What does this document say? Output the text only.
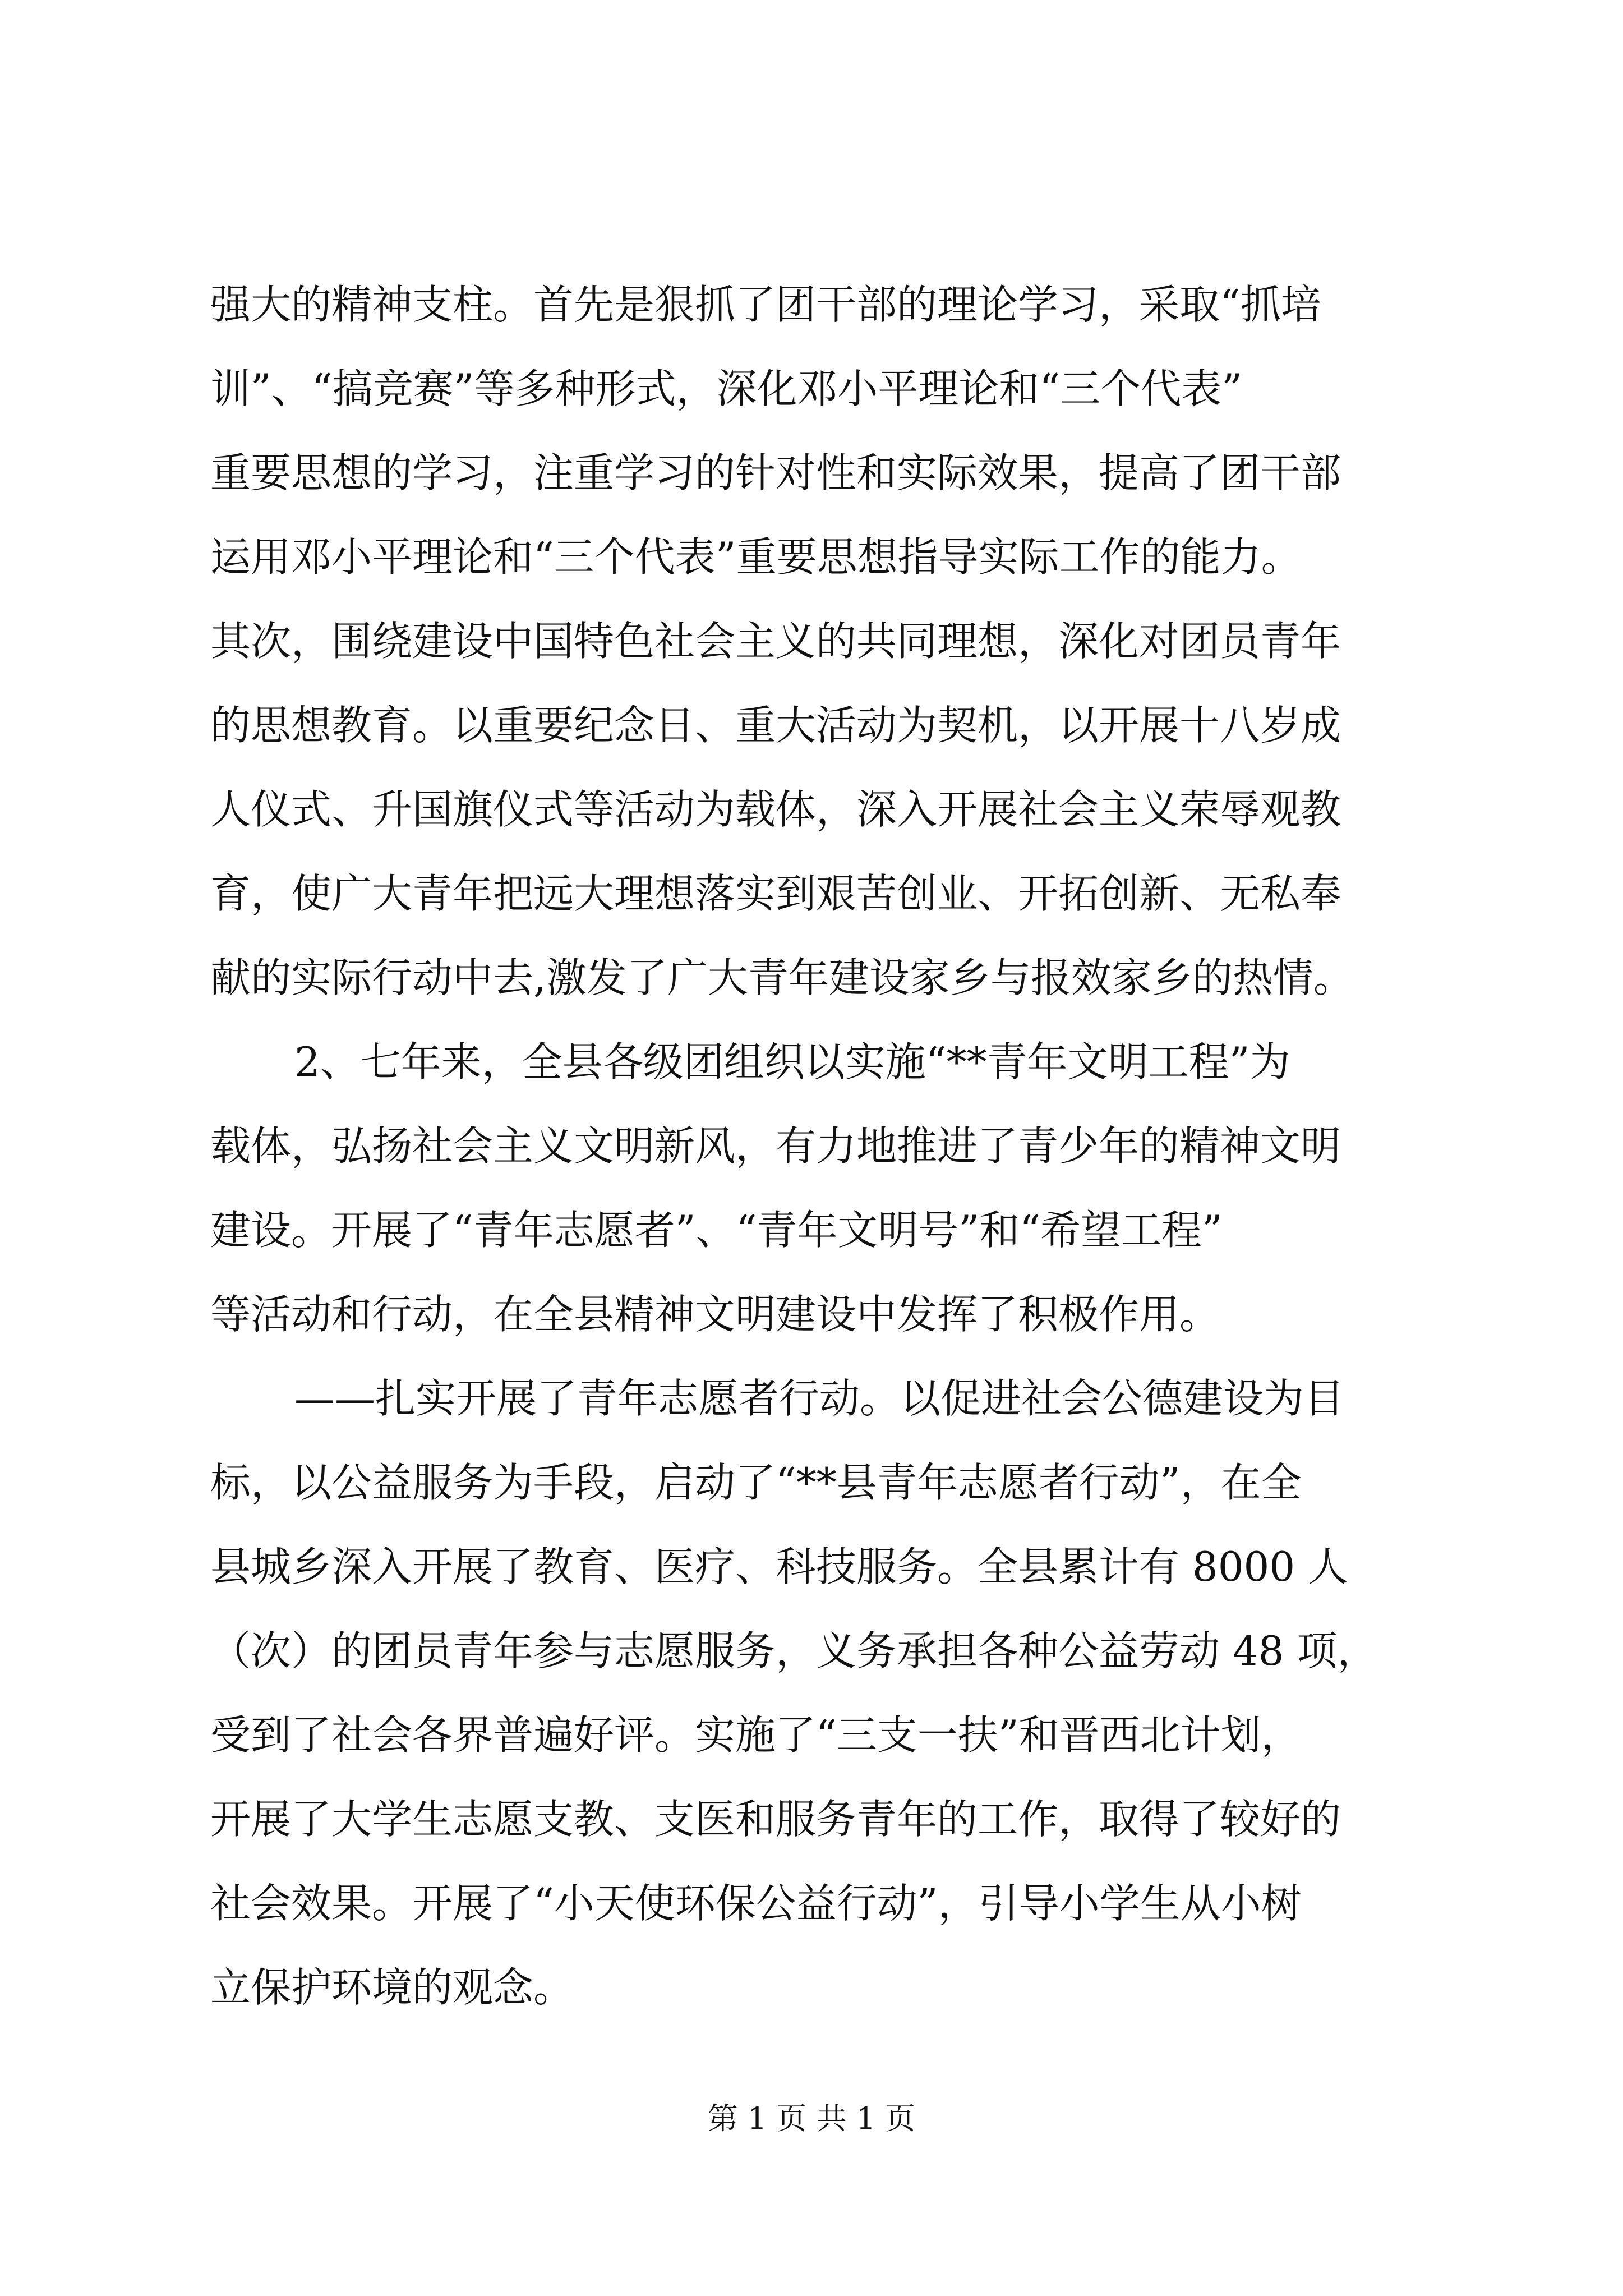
强大的精神支柱。首先是狠抓了团干部的理论学习，采取“抓培
训”、“搞竞赛”等多种形式，深化邓小平理论和“三个代表”
重要思想的学习，注重学习的针对性和实际效果，提高了团干部
运用邓小平理论和“三个代表”重要思想指导实际工作的能力。
其次，围绕建设中国特色社会主义的共同理想，深化对团员青年
的思想教育。以重要纪念日、重大活动为契机，以开展十八岁成
人仪式、升国旗仪式等活动为载体，深入开展社会主义荣辱观教
育，使广大青年把远大理想落实到艰苦创业、开拓创新、无私奉
献的实际行动中去,激发了广大青年建设家乡与报效家乡的热情。
2、七年来，全县各级团组织以实施“**青年文明工程”为
载体，弘扬社会主义文明新风，有力地推进了青少年的精神文明
建设。开展了“青年志愿者”、“青年文明号”和“希望工程”
等活动和行动，在全县精神文明建设中发挥了积极作用。
——扎实开展了青年志愿者行动。以促进社会公德建设为目
标，以公益服务为手段，启动了“**县青年志愿者行动”，在全
县城乡深入开展了教育、医疗、科技服务。全县累计有 8000 人
（次）的团员青年参与志愿服务，义务承担各种公益劳动 48 项，
受到了社会各界普遍好评。实施了“三支一扶”和晋西北计划，
开展了大学生志愿支教、支医和服务青年的工作，取得了较好的
社会效果。开展了“小天使环保公益行动”，引导小学生从小树
立保护环境的观念。
第 1 页 共 1 页
